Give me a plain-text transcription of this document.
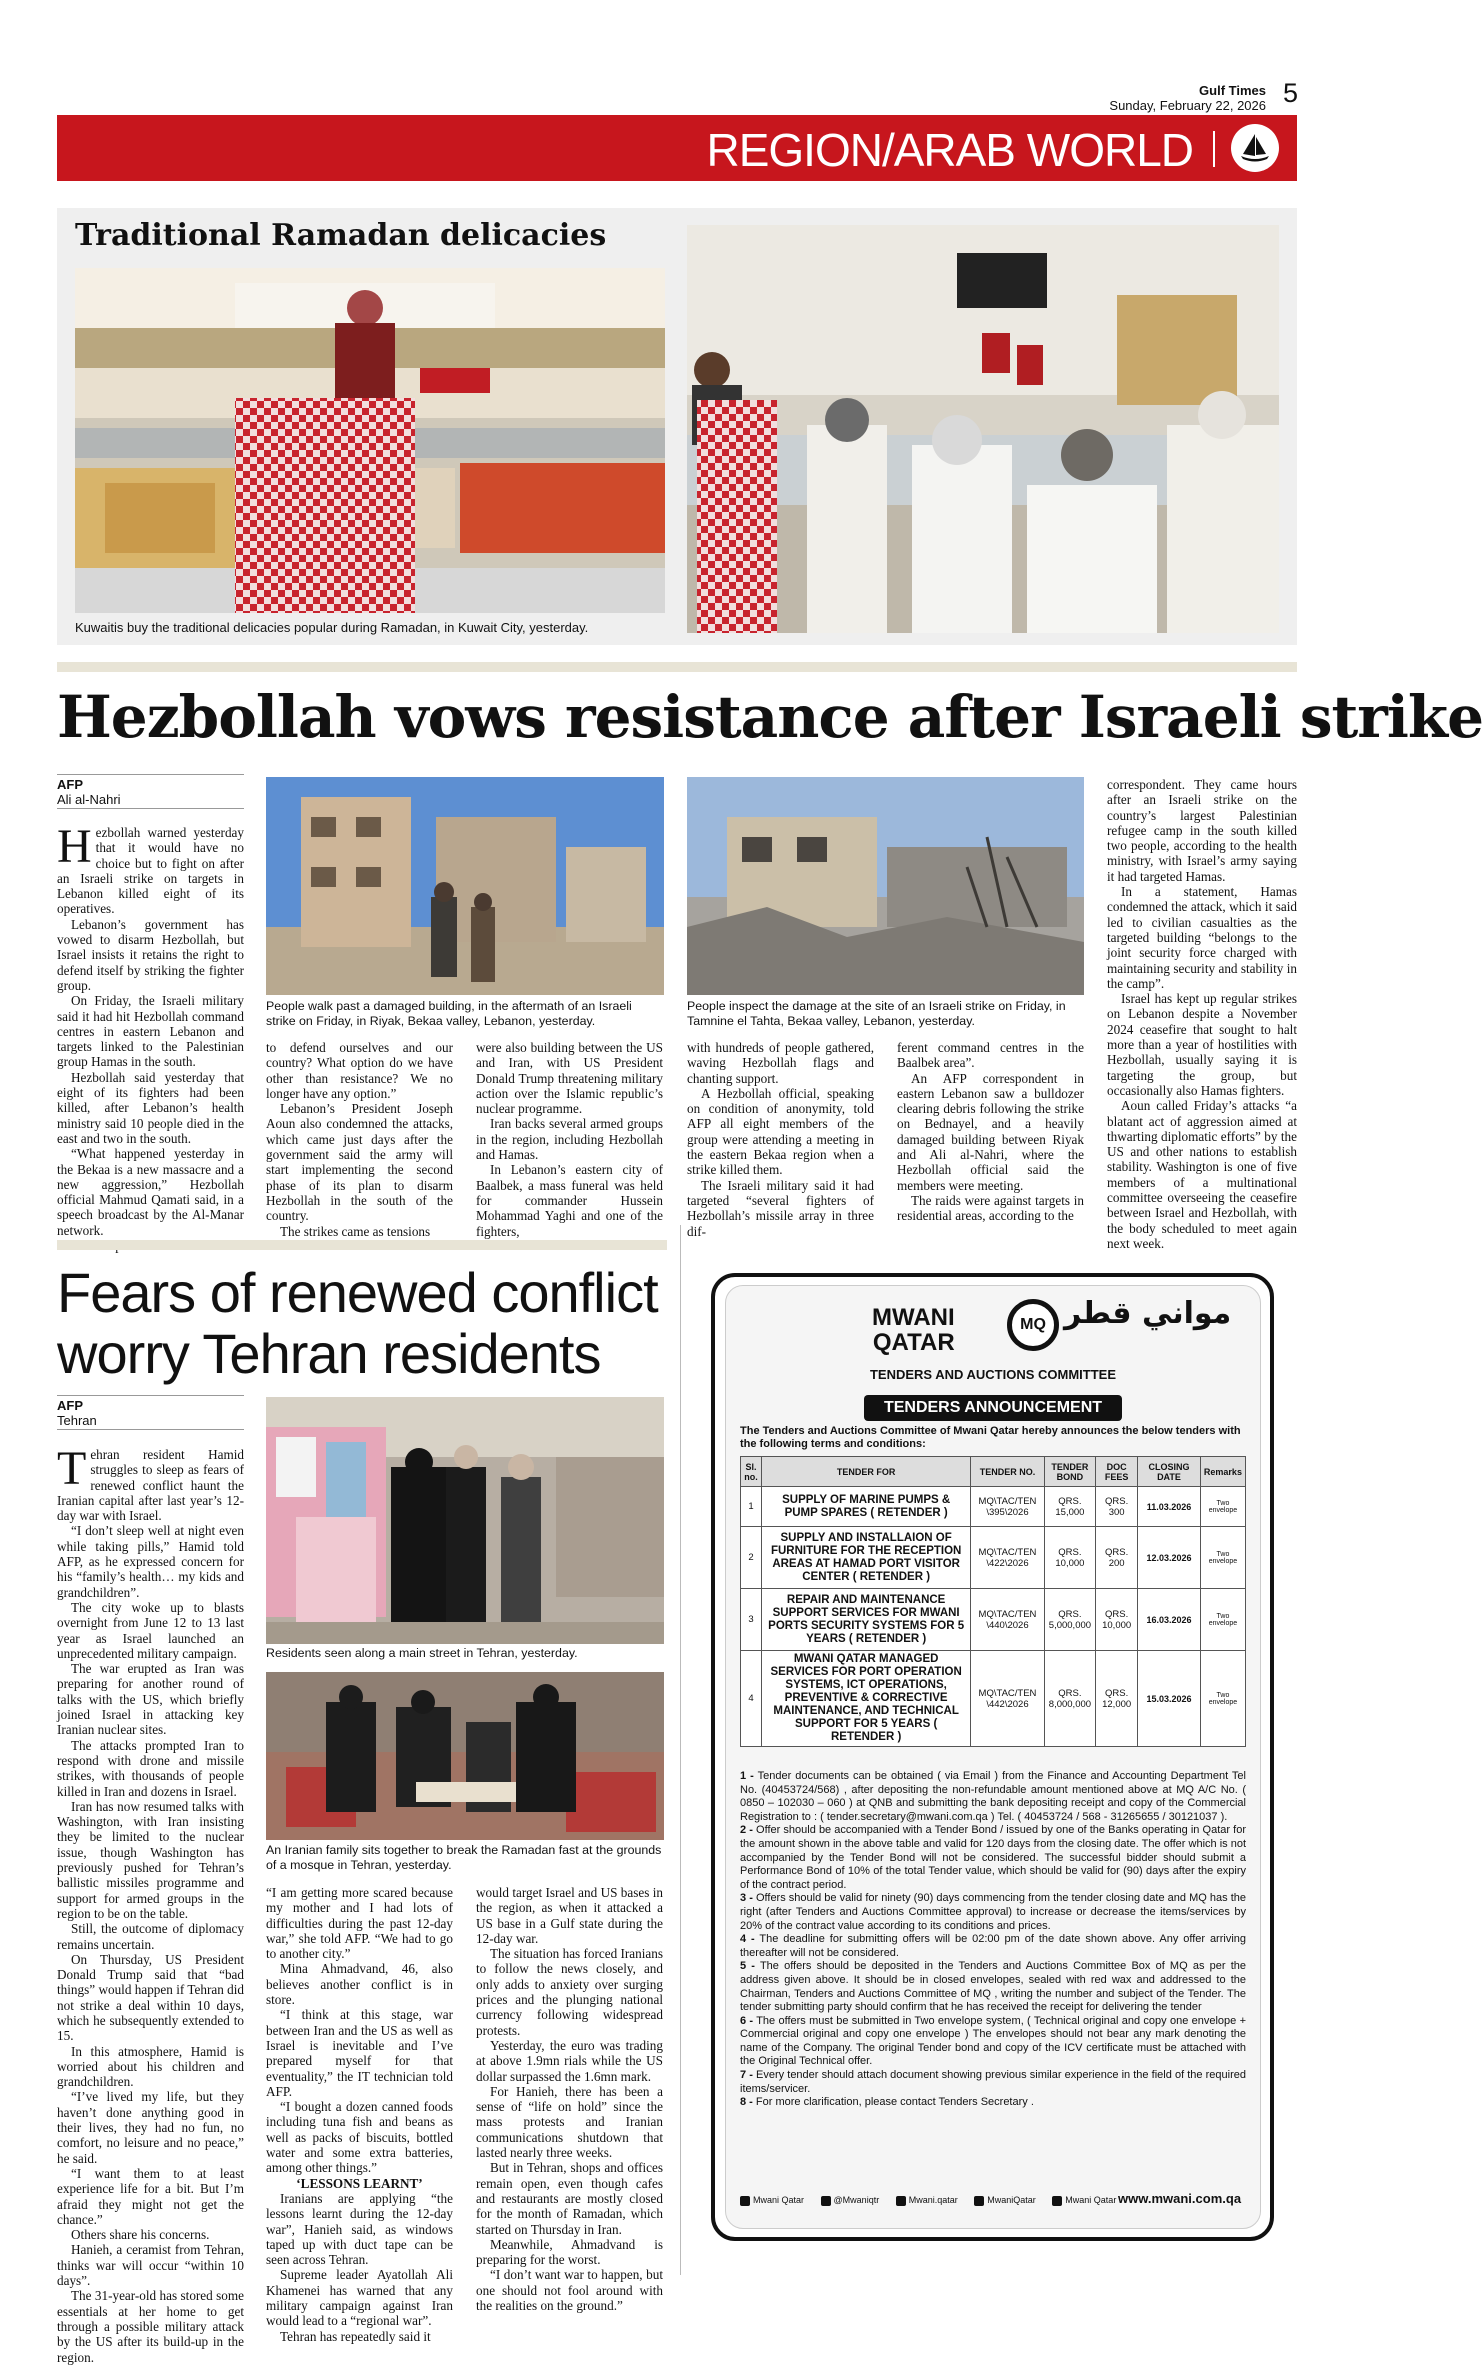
Gulf Times
Sunday, February 22, 2026 5
REGION/ARAB WORLD
Traditional Ramadan delicacies
Kuwaitis buy the traditional delicacies popular during Ramadan, in Kuwait City, yesterday.
Hezbollah vows resistance after Israeli strike
AFP
Ali al-Nahri
H ezbollah warned yesterday that it would have no choice but to fight on after an Israeli strike on targets in Lebanon killed eight of its operatives.

Lebanon’s government has vowed to disarm Hezbollah, but Israel insists it retains the right to defend itself by striking the fighter group.

On Friday, the Israeli military said it had hit Hezbollah command centres in eastern Lebanon and targets linked to the Palestinian group Hamas in the south.

Hezbollah said yesterday that eight of its fighters had been killed, after Lebanon’s health ministry said 10 people died in the east and two in the south.

“What happened yesterday in the Bekaa is a new massacre and a new aggression,” Hezbollah official Mahmud Qamati said, in a speech broadcast by the Al-Manar network.

People walk past a damaged building, in the aftermath of an Israeli strike on Friday, in Riyak, Bekaa valley, Lebanon, yesterday.
People inspect the damage at the site of an Israeli strike on Friday, in Tamnine el Tahta, Bekaa valley, Lebanon, yesterday.

to defend ourselves and our country? What option do we have other than resistance? We no longer have any option.”

Lebanon’s President Joseph Aoun also condemned the attacks, which came just days after the government said the army will start implementing the second phase of its plan to disarm Hezbollah in the south of the country.

The strikes came as tensions

were also building between the US and Iran, with US President Donald Trump threatening military action over the Islamic republic’s nuclear programme.

Iran backs several armed groups in the region, including Hezbollah and Hamas.

In Lebanon’s eastern city of Baalbek, a mass funeral was held for commander Hussein Mohammad Yaghi and one of the fighters,

with hundreds of people gathered, waving Hezbollah flags and chanting support.

A Hezbollah official, speaking on condition of anonymity, told AFP all eight members of the group were attending a meeting in the eastern Bekaa region when a strike killed them.

The Israeli military said it had targeted “several fighters of Hezbollah’s missile array in three dif-

ferent command centres in the Baalbek area”.

An AFP correspondent in eastern Lebanon saw a bulldozer clearing debris following the strike on Bednayel, and a heavily damaged building between Riyak and Ali al-Nahri, where the Hezbollah official said the members were meeting.

The raids were against targets in residential areas, according to the

correspondent. They came hours after an Israeli strike on the country’s largest Palestinian refugee camp in the south killed two people, according to the health ministry, with Israel’s army saying it had targeted Hamas.

In a statement, Hamas condemned the attack, which it said led to civilian casualties as the targeted building “belongs to the joint security force charged with maintaining security and stability in the camp”.

Israel has kept up regular strikes on Lebanon despite a November 2024 ceasefire that sought to halt more than a year of hostilities with Hezbollah, usually saying it is targeting the group, but occasionally also Hamas fighters.

Aoun called Friday’s attacks “a blatant act of aggression aimed at thwarting diplomatic efforts” by the US and other nations to establish stability. Washington is one of five members of a multinational committee overseeing the ceasefire between Israel and Hezbollah, with the body scheduled to meet again next week.

Fears of renewed conflict
worry Tehran residents
AFP
Tehran
T ehran resident Hamid struggles to sleep as fears of renewed conflict haunt the Iranian capital after last year’s 12-day war with Israel.

“I don’t sleep well at night even while taking pills,” Hamid told AFP, as he expressed concern for his “family’s health… my kids and grandchildren”.

The city woke up to blasts overnight from June 12 to 13 last year as Israel launched an unprecedented military campaign.

The war erupted as Iran was preparing for another round of talks with the US, which briefly joined Israel in attacking key Iranian nuclear sites.

The attacks prompted Iran to respond with drone and missile strikes, with thousands of people killed in Iran and dozens in Israel.

Iran has now resumed talks with Washington, with Iran insisting they be limited to the nuclear issue, though Washington has previously pushed for Tehran’s ballistic missiles programme and support for armed groups in the region to be on the table.

Still, the outcome of diplomacy remains uncertain.

On Thursday, US President Donald Trump said that “bad things” would happen if Tehran did not strike a deal within 10 days, which he subsequently extended to 15.

In this atmosphere, Hamid is worried about his children and grandchildren.

“I’ve lived my life, but they haven’t done anything good in their lives, they had no fun, no comfort, no leisure and no peace,” he said.

“I want them to at least experience life for a bit. But I’m afraid they might not get the chance.”

Others share his concerns.

Hanieh, a ceramist from Tehran, thinks war will occur “within 10 days”.

The 31-year-old has stored some essentials at her home to get through a possible military attack by the US after its build-up in the region.

Residents seen along a main street in Tehran, yesterday.
An Iranian family sits together to break the Ramadan fast at the grounds of a mosque in Tehran, yesterday.

“I am getting more scared because my mother and I had lots of difficulties during the past 12-day war,” she told AFP. “We had to go to another city.”

Mina Ahmadvand, 46, also believes another conflict is in store.

“I think at this stage, war between Iran and the US as well as Israel is inevitable and I’ve prepared myself for that eventuality,” the IT technician told AFP.

“I bought a dozen canned foods including tuna fish and beans as well as packs of biscuits, bottled water and some extra batteries, among other things.”

‘LESSONS LEARNT’

Iranians are applying “the lessons learnt during the 12-day war”, Hanieh said, as windows taped up with duct tape can be seen across Tehran.

Supreme leader Ayatollah Ali Khamenei has warned that any military campaign against Iran would lead to a “regional war”.

Tehran has repeatedly said it

would target Israel and US bases in the region, as when it attacked a US base in a Gulf state during the 12-day war.

The situation has forced Iranians to follow the news closely, and only adds to anxiety over surging prices and the plunging national currency following widespread protests.

Yesterday, the euro was trading at above 1.9mn rials while the US dollar surpassed the 1.6mn mark.

For Hanieh, there has been a sense of “life on hold” since the mass protests and Iranian communications shutdown that lasted nearly three weeks.

But in Tehran, shops and offices remain open, even though cafes and restaurants are mostly closed for the month of Ramadan, which started on Thursday in Iran.

Meanwhile, Ahmadvand is preparing for the worst.

“I don’t want war to happen, but one should not fool around with the realities on the ground.”

MWANI
QATAR
MQ مواني قطر
TENDERS AND AUCTIONS COMMITTEE
TENDERS ANNOUNCEMENT
The Tenders and Auctions Committee of Mwani Qatar hereby announces the below tenders with the following terms and conditions:
Sl. no.	TENDER FOR	TENDER NO.	TENDER BOND	DOC FEES	CLOSING DATE	Remarks
1	SUPPLY OF MARINE PUMPS & PUMP SPARES ( RETENDER )	MQ\TAC/TEN \395\2026	QRS. 15,000	QRS. 300	11.03.2026	Two envelope
2	SUPPLY AND INSTALLAION OF FURNITURE FOR THE RECEPTION AREAS AT HAMAD PORT VISITOR CENTER ( RETENDER )	MQ\TAC/TEN \422\2026	QRS. 10,000	QRS. 200	12.03.2026	Two envelope
3	REPAIR AND MAINTENANCE SUPPORT SERVICES FOR MWANI PORTS SECURITY SYSTEMS FOR 5 YEARS ( RETENDER )	MQ\TAC/TEN \440\2026	QRS. 5,000,000	QRS. 10,000	16.03.2026	Two envelope
4	MWANI QATAR MANAGED SERVICES FOR PORT OPERATION SYSTEMS, ICT OPERATIONS, PREVENTIVE & CORRECTIVE MAINTENANCE, AND TECHNICAL SUPPORT FOR 5 YEARS ( RETENDER )	MQ\TAC/TEN \442\2026	QRS. 8,000,000	QRS. 12,000	15.03.2026	Two envelope

1 - Tender documents can be obtained ( via Email ) from the Finance and Accounting Department Tel No. (40453724/568) , after depositing the non-refundable amount mentioned above at MQ A/C No. ( 0850 – 102030 – 060 ) at QNB and submitting the bank depositing receipt and copy of the Commercial Registration to : ( tender.secretary@mwani.com.qa ) Tel. ( 40453724 / 568 - 31265655 / 30121037 ).

2 - Offer should be accompanied with a Tender Bond / issued by one of the Banks operating in Qatar for the amount shown in the above table and valid for 120 days from the closing date. The offer which is not accompanied by the Tender Bond will not be considered. The successful bidder should submit a Performance Bond of 10% of the total Tender value, which should be valid for (90) days after the expiry of the contract period.

3 - Offers should be valid for ninety (90) days commencing from the tender closing date and MQ has the right (after Tenders and Auctions Committee approval) to increase or decrease the items/services by 20% of the contract value according to its conditions and prices.

4 - The deadline for submitting offers will be 02:00 pm of the date shown above. Any offer arriving thereafter will not be considered.

5 - The offers should be deposited in the Tenders and Auctions Committee Box of MQ as per the address given above. It should be in closed envelopes, sealed with red wax and addressed to the Chairman, Tenders and Auctions Committee of MQ , writing the number and subject of the Tender. The tender submitting party should confirm that he has received the receipt for delivering the tender

6 - The offers must be submitted in Two envelope system, ( Technical original and copy one envelope + Commercial original and copy one envelope ) The envelopes should not bear any mark denoting the name of the Company. The original Tender bond and copy of the ICV certificate must be attached with the Original Technical offer.

7 - Every tender should attach document showing previous similar experience in the field of the required items/servicer.

8 - For more clarification, please contact Tenders Secretary .

Mwani Qatar	@Mwaniqtr	Mwani.qatar	MwaniQatar	Mwani Qatar www.mwani.com.qa
